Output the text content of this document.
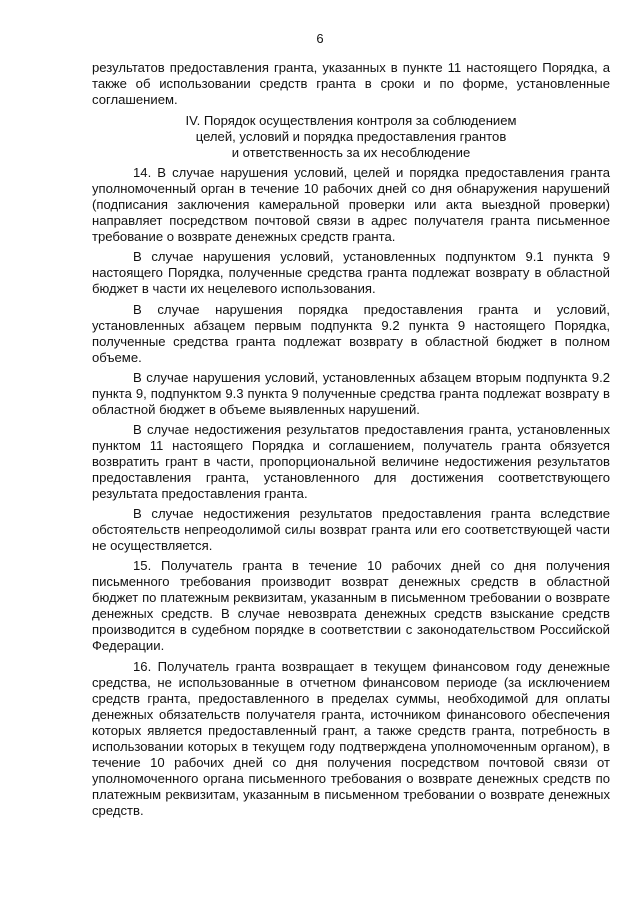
6

результатов предоставления гранта, указанных в пункте 11 настоящего Порядка, а также об использовании средств гранта в сроки и по форме, установленные соглашением.

IV. Порядок осуществления контроля за соблюдением
целей, условий и порядка предоставления грантов
и ответственность за их несоблюдение

14. В случае нарушения условий, целей и порядка предоставления гранта уполномоченный орган в течение 10 рабочих дней со дня обнаружения нарушений (подписания заключения камеральной проверки или акта выездной проверки) направляет посредством почтовой связи в адрес получателя гранта письменное требование о возврате денежных средств гранта.

В случае нарушения условий, установленных подпунктом 9.1 пункта 9 настоящего Порядка, полученные средства гранта подлежат возврату в областной бюджет в части их нецелевого использования.

В случае нарушения порядка предоставления гранта и условий, установленных абзацем первым подпункта 9.2 пункта 9 настоящего Порядка, полученные средства гранта подлежат возврату в областной бюджет в полном объеме.

В случае нарушения условий, установленных абзацем вторым подпункта 9.2 пункта 9, подпунктом 9.3 пункта 9 полученные средства гранта подлежат возврату в областной бюджет в объеме выявленных нарушений.

В случае недостижения результатов предоставления гранта, установленных пунктом 11 настоящего Порядка и соглашением, получатель гранта обязуется возвратить грант в части, пропорциональной величине недостижения результатов предоставления гранта, установленного для достижения соответствующего результата предоставления гранта.

В случае недостижения результатов предоставления гранта вследствие обстоятельств непреодолимой силы возврат гранта или его соответствующей части не осуществляется.

15. Получатель гранта в течение 10 рабочих дней со дня получения письменного требования производит возврат денежных средств в областной бюджет по платежным реквизитам, указанным в письменном требовании о возврате денежных средств. В случае невозврата денежных средств взыскание средств производится в судебном порядке в соответствии с законодательством Российской Федерации.

16. Получатель гранта возвращает в текущем финансовом году денежные средства, не использованные в отчетном финансовом периоде (за исключением средств гранта, предоставленного в пределах суммы, необходимой для оплаты денежных обязательств получателя гранта, источником финансового обеспечения которых является предоставленный грант, а также средств гранта, потребность в использовании которых в текущем году подтверждена уполномоченным органом), в течение 10 рабочих дней со дня получения посредством почтовой связи от уполномоченного органа письменного требования о возврате денежных средств по платежным реквизитам, указанным в письменном требовании о возврате денежных средств.
